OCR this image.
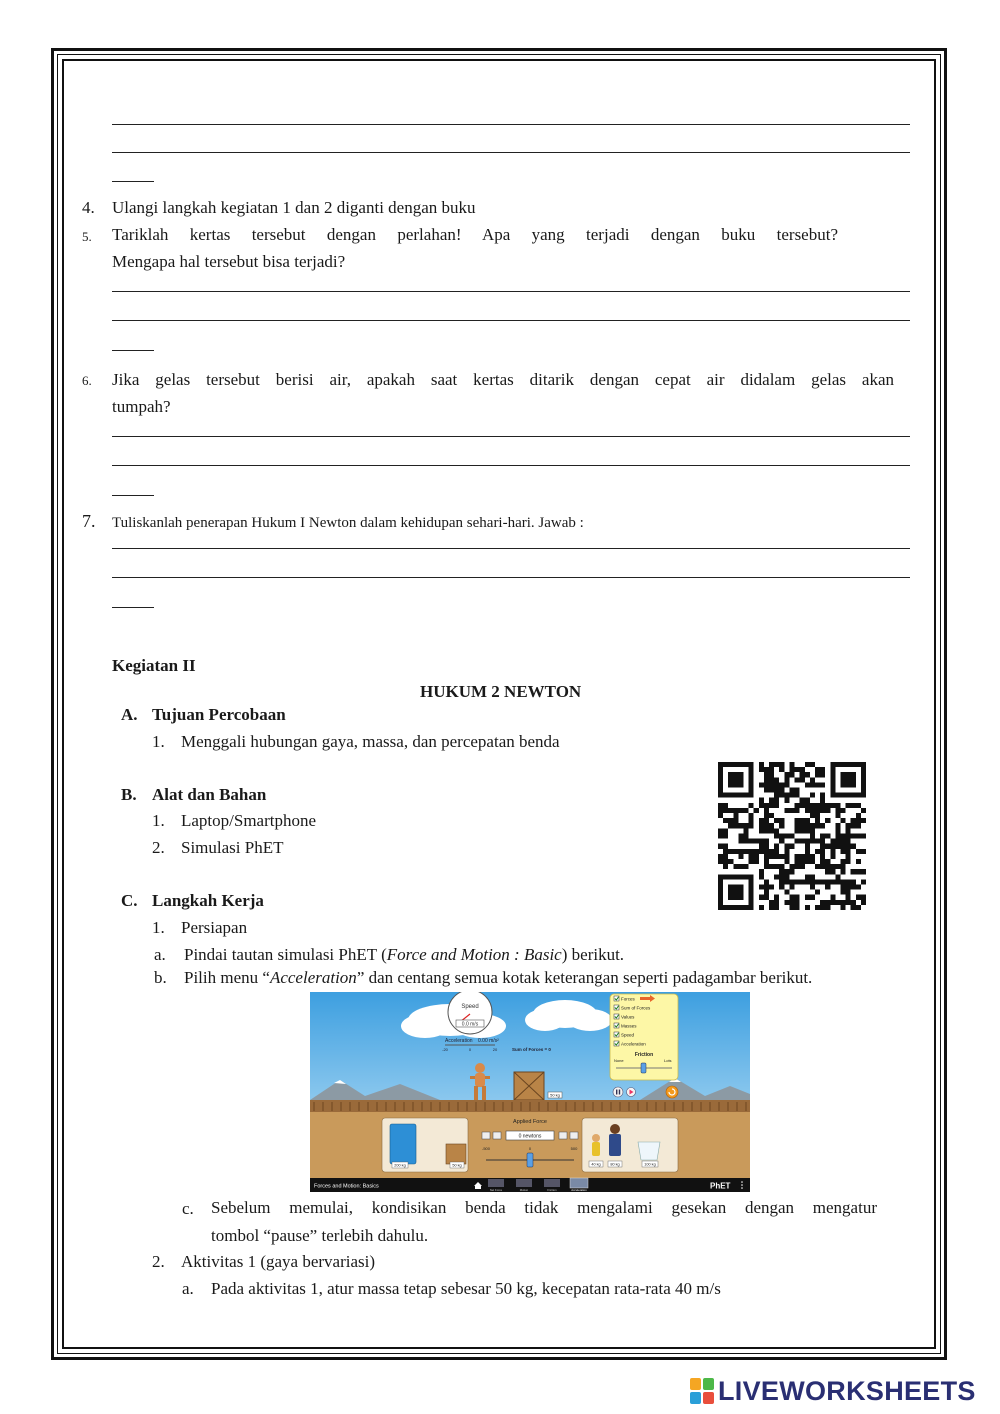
4. Ulangi langkah kegiatan 1 dan 2 diganti dengan buku
5. Tariklah kertas tersebut dengan perlahan! Apa yang terjadi dengan buku tersebut?
Mengapa hal tersebut bisa terjadi?
6. Jika gelas tersebut berisi air, apakah saat kertas ditarik dengan cepat air didalam gelas akan
tumpah?
7. Tuliskanlah penerapan Hukum I Newton dalam kehidupan sehari-hari. Jawab :
Kegiatan II
HUKUM 2 NEWTON
A. Tujuan Percobaan
1. Menggali hubungan gaya, massa, dan percepatan benda
B. Alat dan Bahan
1. Laptop/Smartphone
2. Simulasi PhET
C. Langkah Kerja
1. Persiapan
a. Pindai tautan simulasi PhET (Force and Motion : Basic) berikut.
b. Pilih menu “Acceleration” dan centang semua kotak keterangan seperti padagambar berikut.
Speed
0.0 m/s
Acceleration 0.00 m/s²
-20	0	20	Sum of Forces = 0
Forces
Sum of Forces
Values
Masses
Speed
Acceleration
Friction
None	Lots
50 kg
Applied Force
0 newtons
-500	0	500
200 kg	50 kg	40 kg	80 kg	100 kg
Forces and Motion: Basics
Net Force	Motion	Friction	Acceleration	PhET
c. Sebelum memulai, kondisikan benda tidak mengalami gesekan dengan mengatur
tombol “pause” terlebih dahulu.
2. Aktivitas 1 (gaya bervariasi)
a. Pada aktivitas 1, atur massa tetap sebesar 50 kg, kecepatan rata-rata 40 m/s
LIVEWORKSHEETS
